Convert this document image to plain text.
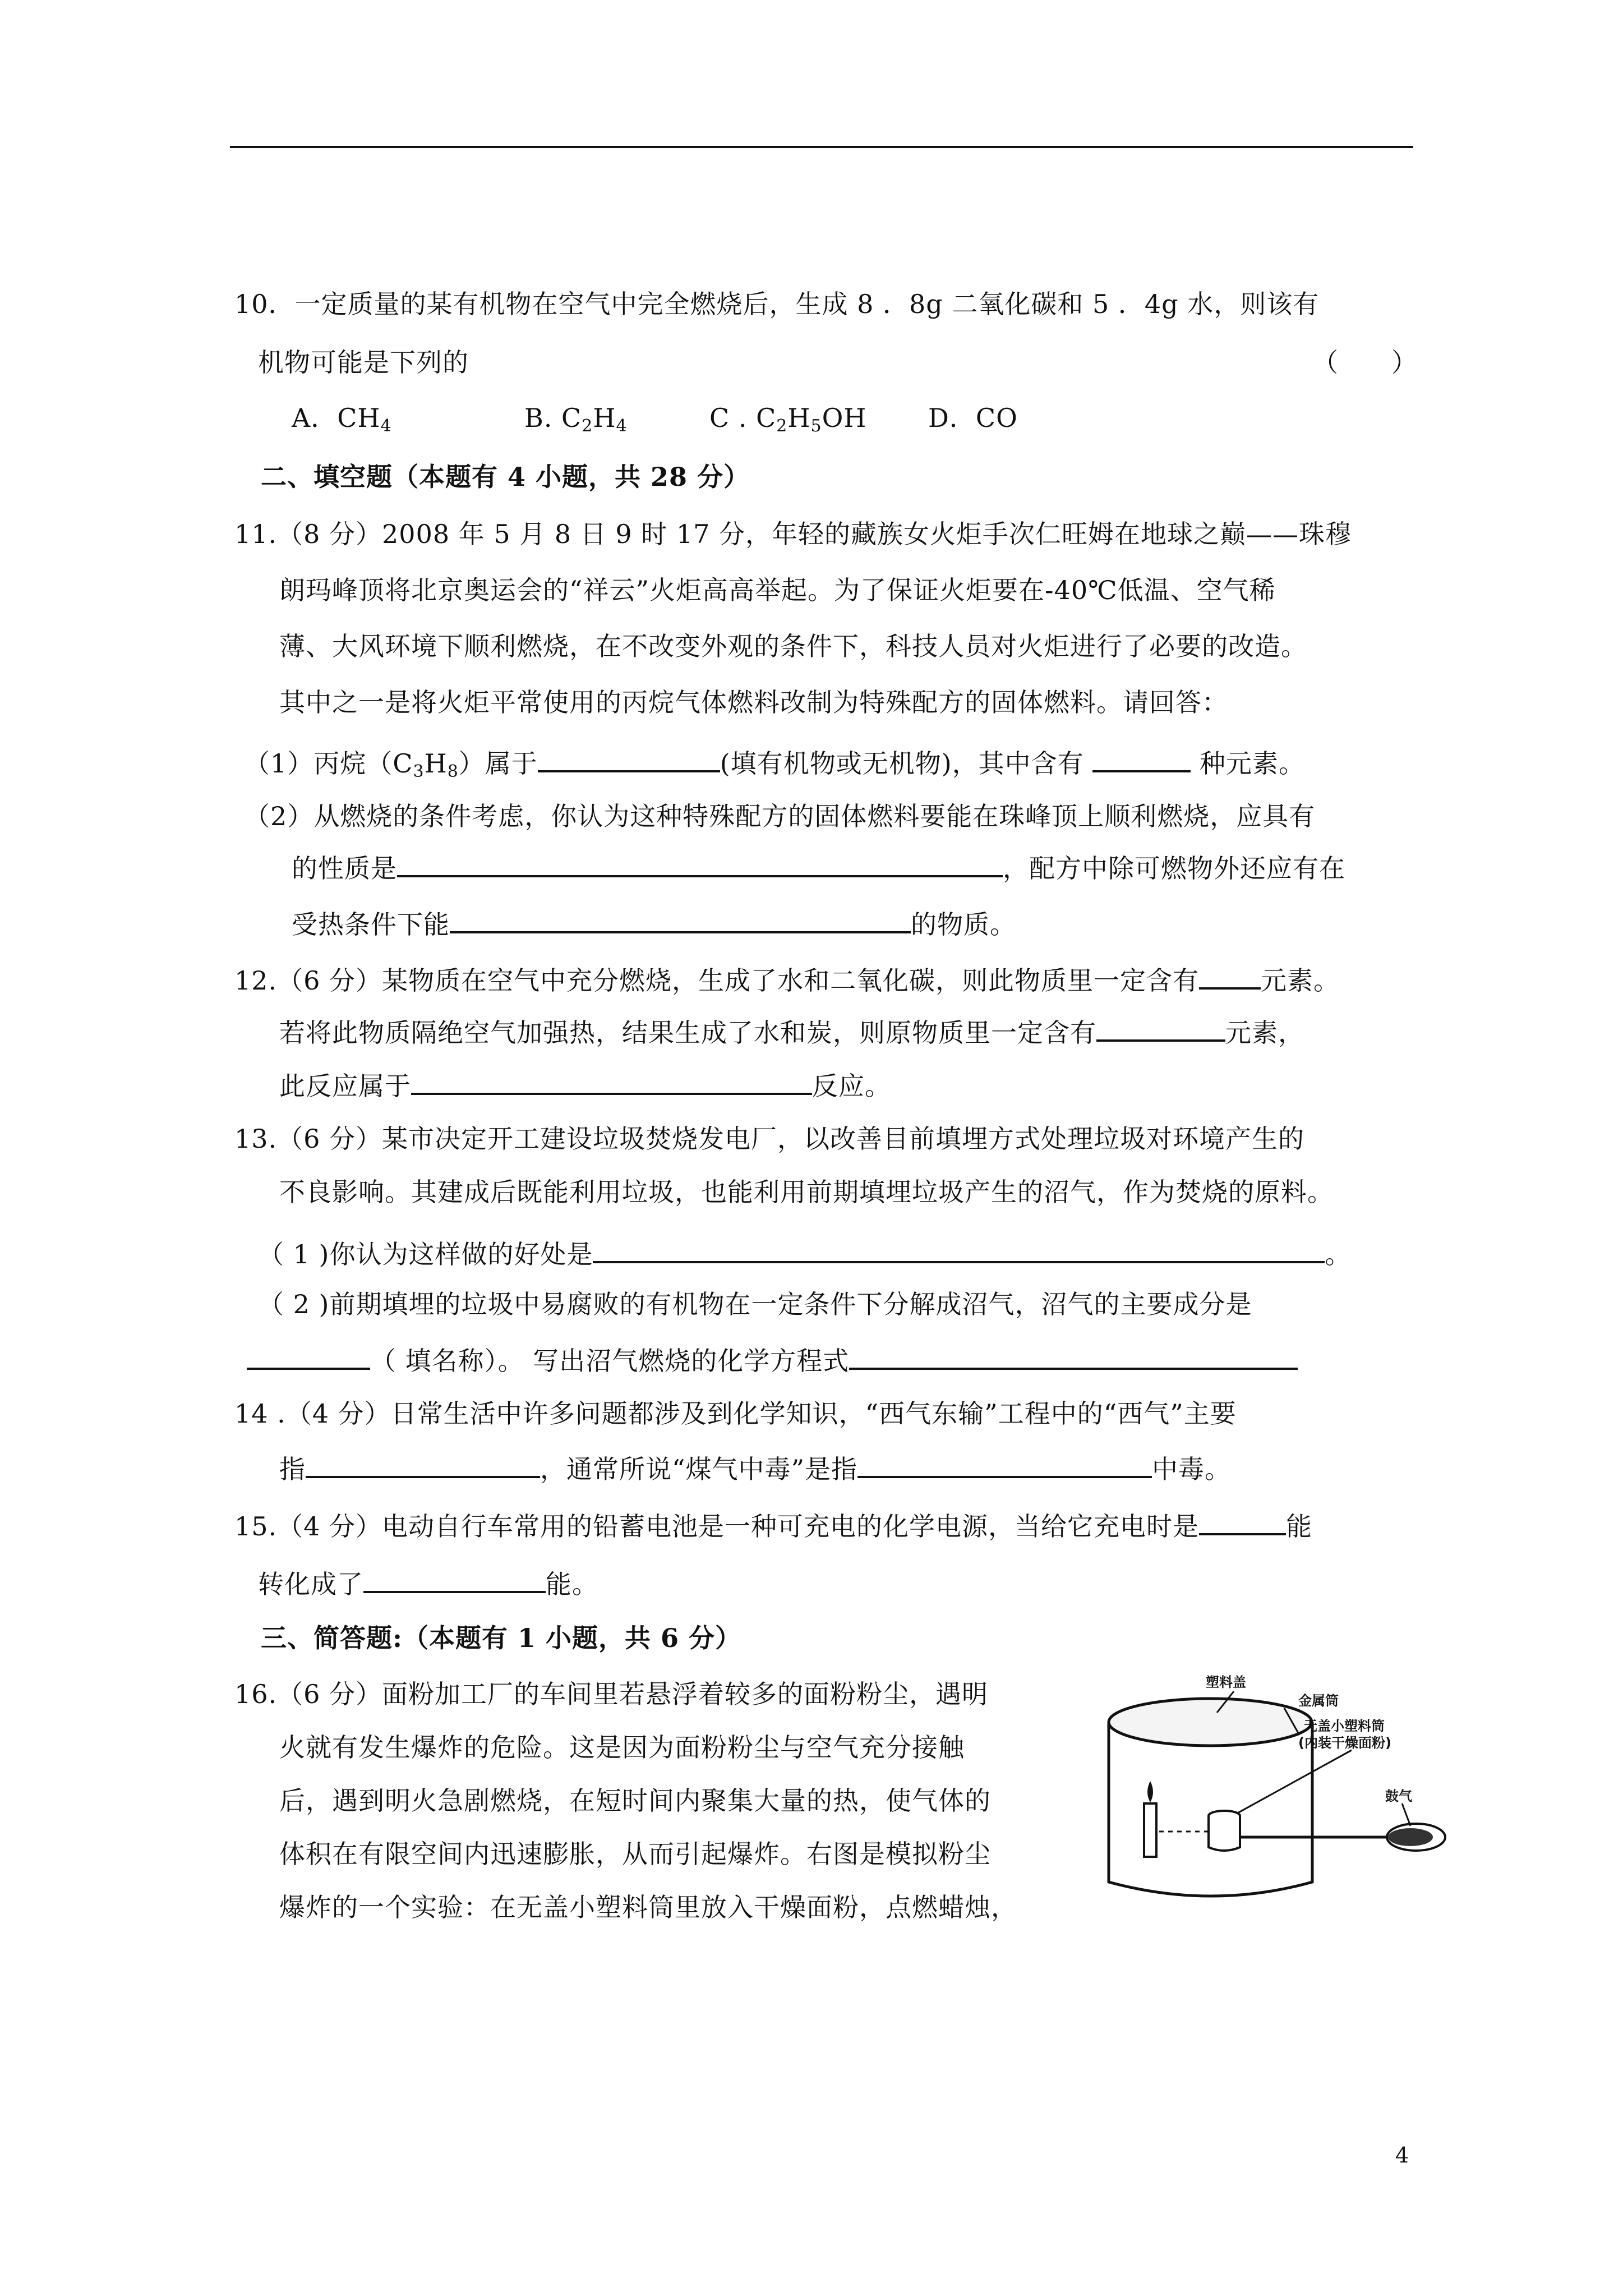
10．一定质量的某有机物在空气中完全燃烧后，生成 8 ．8g 二氧化碳和 5 ．4g 水，则该有
机物可能是下列的	（　　）
A．$CH_4$	B. $C_2H_4$	C . $C_2H_5OH$ D．CO
二、填空题（本题有 4 小题，共 28 分）
11.（8 分）2008 年 5 月 8 日 9 时 17 分，年轻的藏族女火炬手次仁旺姆在地球之巅——珠穆
朗玛峰顶将北京奥运会的“祥云”火炬高高举起。为了保证火炬要在-40℃低温、空气稀
薄、大风环境下顺利燃烧，在不改变外观的条件下，科技人员对火炬进行了必要的改造。
其中之一是将火炬平常使用的丙烷气体燃料改制为特殊配方的固体燃料。请回答：
（1）丙烷$(C_3H_8)$属于	(填有机物或无机物)，其中含有	种元素。
（2）从燃烧的条件考虑，你认为这种特殊配方的固体燃料要能在珠峰顶上顺利燃烧，应具有
的性质是	，配方中除可燃物外还应有在
受热条件下能	的物质。
12.（6 分）某物质在空气中充分燃烧，生成了水和二氧化碳，则此物质里一定含有 元素。
若将此物质隔绝空气加强热，结果生成了水和炭，则原物质里一定含有	元素，
此反应属于	反应。
13.（6 分）某市决定开工建设垃圾焚烧发电厂，以改善目前填埋方式处理垃圾对环境产生的
不良影响。其建成后既能利用垃圾，也能利用前期填埋垃圾产生的沼气，作为焚烧的原料。
（ 1 )你认为这样做的好处是	。
（ 2 )前期填埋的垃圾中易腐败的有机物在一定条件下分解成沼气，沼气的主要成分是
（ 填名称）。 写出沼气燃烧的化学方程式
14 .（4 分）日常生活中许多问题都涉及到化学知识，“西气东输”工程中的“西气”主要
指	，通常所说“煤气中毒”是指	中毒。
15.（4 分）电动自行车常用的铅蓄电池是一种可充电的化学电源，当给它充电时是	能
转化成了	能。
三、简答题:（本题有 1 小题，共 6 分）
16.（6 分）面粉加工厂的车间里若悬浮着较多的面粉粉尘，遇明
火就有发生爆炸的危险。这是因为面粉粉尘与空气充分接触
后，遇到明火急剧燃烧，在短时间内聚集大量的热，使气体的
体积在有限空间内迅速膨胀，从而引起爆炸。右图是模拟粉尘
爆炸的一个实验：在无盖小塑料筒里放入干燥面粉，点燃蜡烛，
塑料盖
金属筒
无盖小塑料筒
(内装干燥面粉)
鼓气
4
